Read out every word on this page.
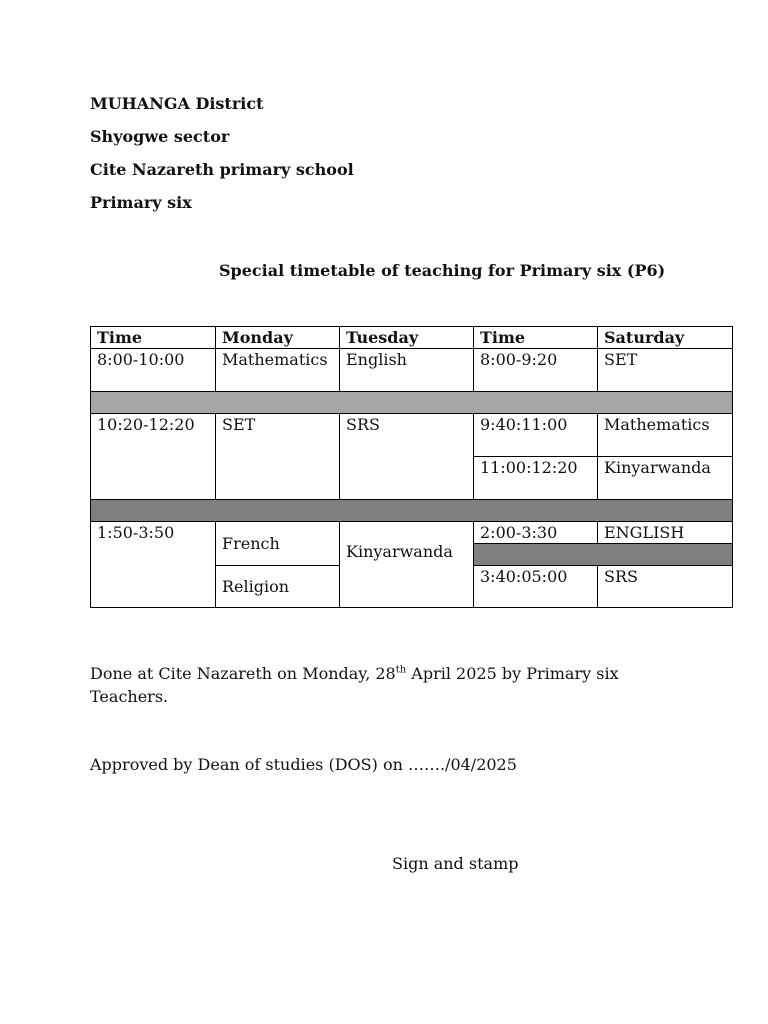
MUHANGA District
Shyogwe sector
Cite Nazareth primary school
Primary six
Special timetable of teaching for Primary six (P6)
Time	Monday	Tuesday	Time	Saturday
8:00-10:00	Mathematics	English	8:00-9:20	SET

10:20-12:20	SET	SRS	9:40:11:00	Mathematics
			11:00:12:20	Kinyarwanda

1:50-3:50	French	Kinyarwanda	2:00-3:30	ENGLISH

	Religion		3:40:05:00	SRS

Done at Cite Nazareth on Monday, 28th April 2025 by Primary six Teachers.
Approved by Dean of studies (DOS) on ……./04/2025
Sign and stamp
